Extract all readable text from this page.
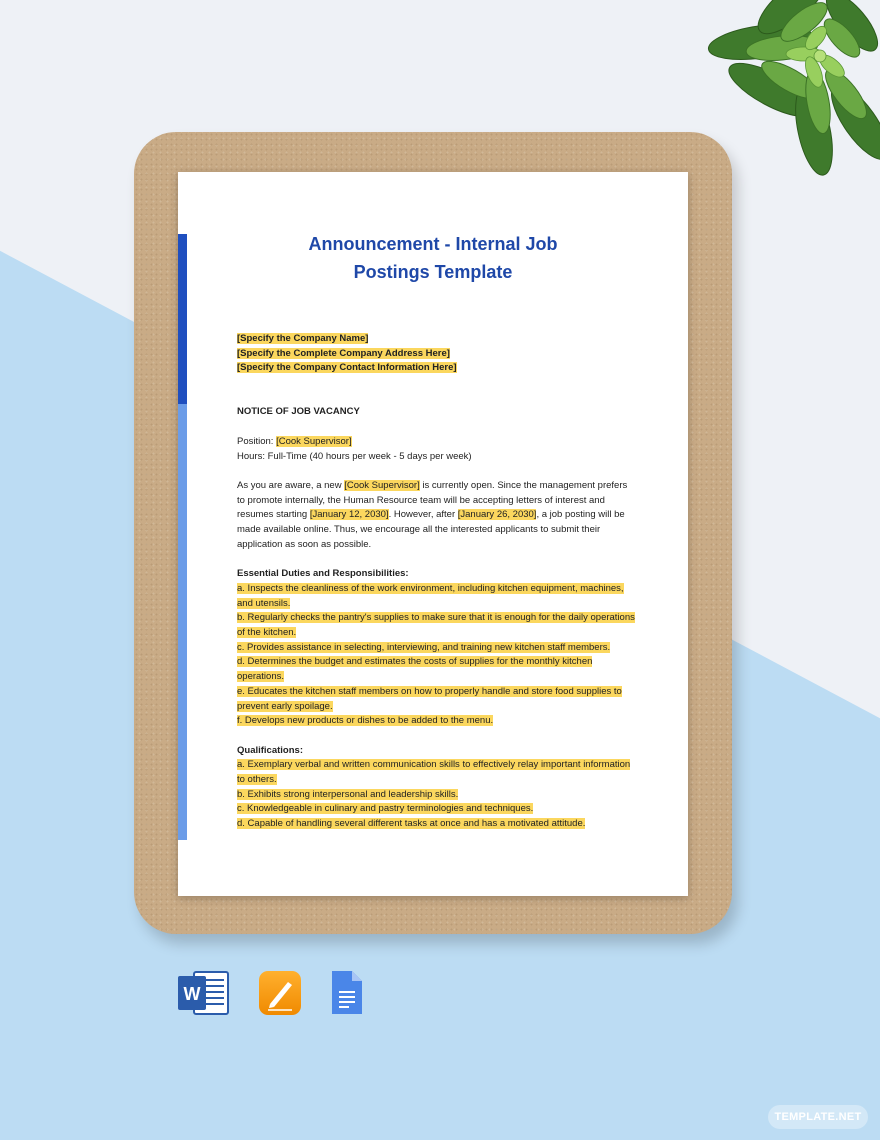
Announcement - Internal Job
Postings Template
[Specify the Company Name]
[Specify the Complete Company Address Here]
[Specify the Company Contact Information Here]
NOTICE OF JOB VACANCY
Position: [Cook Supervisor]
Hours: Full-Time (40 hours per week - 5 days per week)
As you are aware, a new [Cook Supervisor] is currently open. Since the management prefers to promote internally, the Human Resource team will be accepting letters of interest and resumes starting [January 12, 2030]. However, after [January 26, 2030], a job posting will be made available online. Thus, we encourage all the interested applicants to submit their application as soon as possible.
Essential Duties and Responsibilities:
a. Inspects the cleanliness of the work environment, including kitchen equipment, machines, and utensils.
b. Regularly checks the pantry's supplies to make sure that it is enough for the daily operations of the kitchen.
c. Provides assistance in selecting, interviewing, and training new kitchen staff members.
d. Determines the budget and estimates the costs of supplies for the monthly kitchen operations.
e. Educates the kitchen staff members on how to properly handle and store food supplies to prevent early spoilage.
f. Develops new products or dishes to be added to the menu.
Qualifications:
a. Exemplary verbal and written communication skills to effectively relay important information to others.
b. Exhibits strong interpersonal and leadership skills.
c. Knowledgeable in culinary and pastry terminologies and techniques.
d. Capable of handling several different tasks at once and has a motivated attitude.
W
TEMPLATE.NET
